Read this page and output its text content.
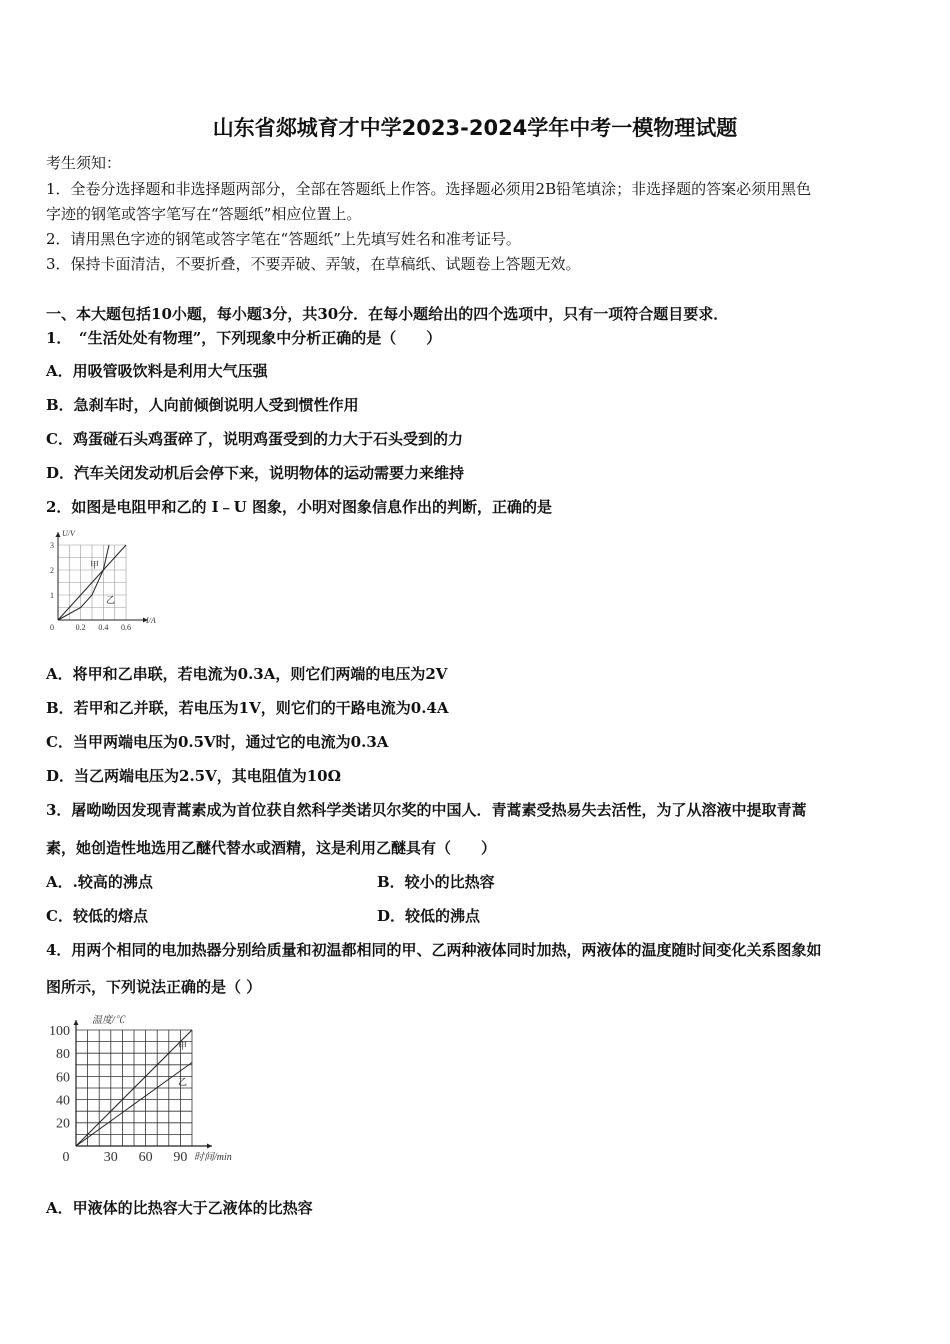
山东省郯城育才中学2023-2024学年中考一模物理试题
考生须知：
1．全卷分选择题和非选择题两部分，全部在答题纸上作答。选择题必须用2B铅笔填涂；非选择题的答案必须用黑色
字迹的钢笔或答字笔写在“答题纸”相应位置上。
2．请用黑色字迹的钢笔或答字笔在“答题纸”上先填写姓名和准考证号。
3．保持卡面清洁，不要折叠，不要弄破、弄皱，在草稿纸、试题卷上答题无效。
一、本大题包括10小题，每小题3分，共30分．在每小题给出的四个选项中，只有一项符合题目要求．
1．　“生活处处有物理”，下列现象中分析正确的是（　　）
A．用吸管吸饮料是利用大气压强
B．急刹车时，人向前倾倒说明人受到惯性作用
C．鸡蛋碰石头鸡蛋碎了，说明鸡蛋受到的力大于石头受到的力
D．汽车关闭发动机后会停下来，说明物体的运动需要力来维持
2．如图是电阻甲和乙的 I﹣U 图象，小明对图象信息作出的判断，正确的是
甲
乙
0	0.2 0.4 0.6
1
2
3
I/A
U/V
A．将甲和乙串联，若电流为0.3A，则它们两端的电压为2V
B．若甲和乙并联，若电压为1V，则它们的干路电流为0.4A
C．当甲两端电压为0.5V时，通过它的电流为0.3A
D．当乙两端电压为2.5V，其电阻值为10Ω
3．屠呦呦因发现青蒿素成为首位获自然科学类诺贝尔奖的中国人．青蒿素受热易失去活性，为了从溶液中提取青蒿
素，她创造性地选用乙醚代替水或酒精，这是利用乙醚具有（　　）
A．.较高的沸点	B．较小的比热容
C．较低的熔点	D．较低的沸点
4．用两个相同的电加热器分别给质量和初温都相同的甲、乙两种液体同时加热，两液体的温度随时间变化关系图象如
图所示，下列说法正确的是（ ）
甲
乙
0 30 60 90
20
40
60
80
100
时间/min
温度/℃
A．甲液体的比热容大于乙液体的比热容
